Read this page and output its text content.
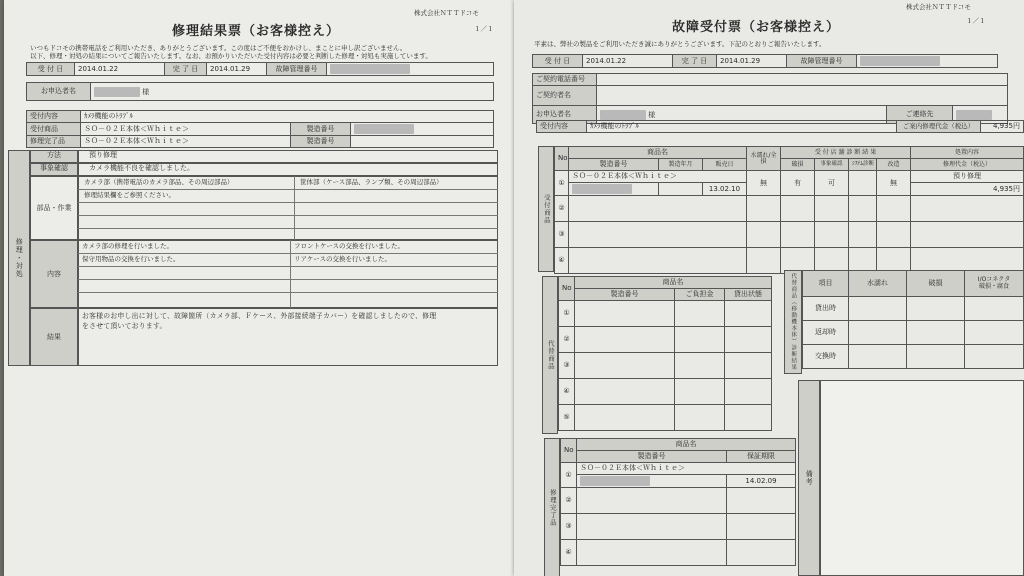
株式会社ＮＴＴドコモ
１／１
修理結果票（お客様控え）
いつもドコモの携帯電話をご利用いただき、ありがとうございます。この度はご不便をおかけし、まことに申し訳ございません。
以下、修理・対処の結果についてご報告いたします。なお、お預かりいただいた受付内容は必要と判断した修理・対処も実施しています。
受 付 日	2014.01.22	完 了 日	2014.01.29	故障管理番号	
お申込者名	様
受付内容	ｶﾒﾗ機能のﾄﾗﾌﾞﾙ		
受付商品	ＳＯ－０２Ｅ本体＜Ｗｈｉｔｅ＞	製造番号	
修理完了品	ＳＯ－０２Ｅ本体＜Ｗｈｉｔｅ＞	製造番号	
修理・対処
方法	預り修理
事象確認	カメラ機能不良を確認しました。
部品・作業
カメラ部（携帯電話のカメラ部品、その周辺部品）	筐体部（ケース部品、ランプ類、その周辺部品）
修理結果欄をご参照ください。
内容
カメラ部の修理を行いました。	フロントケースの交換を行いました。
保守用物品の交換を行いました。	リアケースの交換を行いました。
結果
お客様のお申し出に対して、故障箇所（カメラ部、Ｆケース、外部接続端子カバー）を確認しましたので、修理
をさせて頂いております。
株式会社ＮＴＴドコモ
１／１
故障受付票（お客様控え）
平素は、弊社の製品をご利用いただき誠にありがとうございます。下記のとおりご報告いたします。
受 付 日	2014.01.22	完 了 日	2014.01.29	故障管理番号	
ご契約電話番号			
ご契約者名			
お申込者名	様	ご連絡先	
受付内容	ｶﾒﾗ機能のﾄﾗﾌﾞﾙ	ご案内修理代金（税込）	4,935円
受付商品
No	商品名			水濡れ/全損	受 付 店 舗 診 断 結 果				処置内容
	製造番号	製造年月	販売日		破損	事象確認	ｼｽﾃﾑ診断	改造	修理代金（税込）
①	ＳＯ－０２Ｅ本体＜Ｗｈｉｔｅ＞			無	有	可		無	預り修理
			13.02.10						4,935円
②									
③									
④									
代替商品
No	商品名		
	製造番号	ご負担金	貸出状態
①			
②			
③			
④			
⑤			
代替商品（移動機本体）診断結果	項目	水濡れ	破損	I/Oコネクタ
破損・腐食

貸出時			
返却時			
交換時			
修理完了品
No	商品名	
	製造番号	保証期限
①	ＳＯ－０２Ｅ本体＜Ｗｈｉｔｅ＞	
		14.02.09
②		
③		
④		
備考
